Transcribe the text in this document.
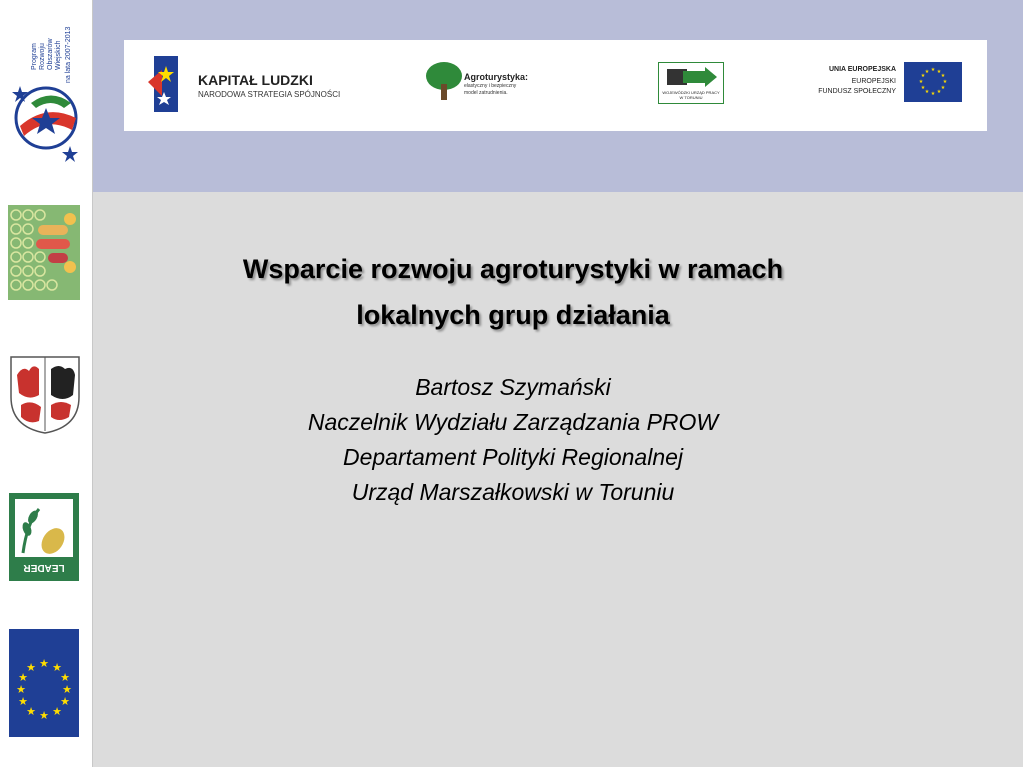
Program Rozwoju Obszarów Wiejskich na lata 2007-2013
LEADER
★ ★
★
★
★
★
★
★
★
★
★
★
KAPITAŁ LUDZKI
NARODOWA STRATEGIA SPÓJNOŚCI
Agroturystyka:
elastyczny i bezpieczny
model zatrudnienia.	WOJEWÓDZKI URZĄD PRACY
W TORUNIU
UNIA EUROPEJSKA
EUROPEJSKI
FUNDUSZ SPOŁECZNY
★ ★
★
★
★
★
★
★
★
★
★
★
Wsparcie rozwoju agroturystyki w ramach
lokalnych grup działania
Bartosz Szymański
Naczelnik Wydziału Zarządzania PROW
Departament Polityki Regionalnej
Urząd Marszałkowski w Toruniu
